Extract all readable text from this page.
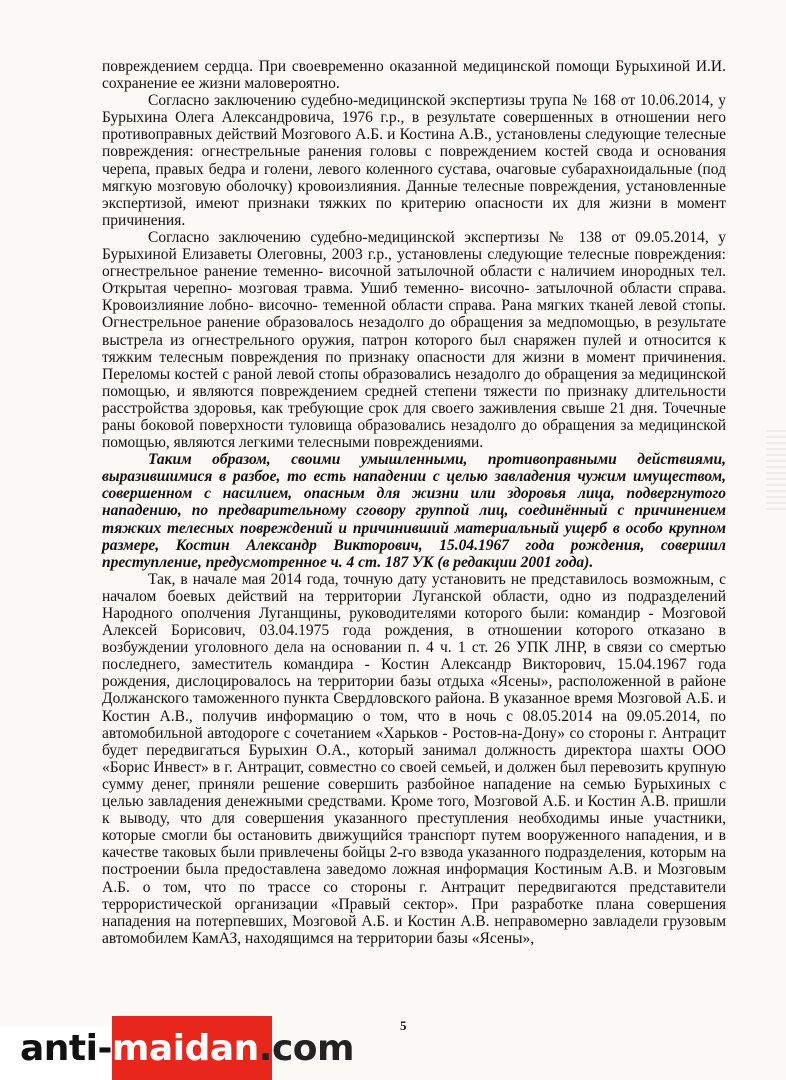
повреждением сердца. При своевременно оказанной медицинской помощи Бурыхиной И.И. сохранение ее жизни маловероятно.

Согласно заключению судебно-медицинской экспертизы трупа № 168 от 10.06.2014, у Бурыхина Олега Александровича, 1976 г.р., в результате совершенных в отношении него противоправных действий Мозгового А.Б. и Костина А.В., установлены следующие телесные повреждения: огнестрельные ранения головы с повреждением костей свода и основания черепа, правых бедра и голени, левого коленного сустава, очаговые субарахноидальные (под мягкую мозговую оболочку) кровоизлияния. Данные телесные повреждения, установленные экспертизой, имеют признаки тяжких по критерию опасности их для жизни в момент причинения.

Согласно заключению судебно-медицинской экспертизы № 138 от 09.05.2014, у Бурыхиной Елизаветы Олеговны, 2003 г.р., установлены следующие телесные повреждения: огнестрельное ранение теменно- височной затылочной области с наличием инородных тел. Открытая черепно- мозговая травма. Ушиб теменно- височно- затылочной области справа. Кровоизлияние лобно- височно- теменной области справа. Рана мягких тканей левой стопы. Огнестрельное ранение образовалось незадолго до обращения за медпомощью, в результате выстрела из огнестрельного оружия, патрон которого был снаряжен пулей и относится к тяжким телесным повреждения по признаку опасности для жизни в момент причинения. Переломы костей с раной левой стопы образовались незадолго до обращения за медицинской помощью, и являются повреждением средней степени тяжести по признаку длительности расстройства здоровья, как требующие срок для своего заживления свыше 21 дня. Точечные раны боковой поверхности туловища образовались незадолго до обращения за медицинской помощью, являются легкими телесными повреждениями.

Таким образом, своими умышленными, противоправными действиями, выразившимися в разбое, то есть нападении с целью завладения чужим имуществом, совершенном с насилием, опасным для жизни или здоровья лица, подвергнутого нападению, по предварительному сговору группой лиц, соединённый с причинением тяжких телесных повреждений и причинивший материальный ущерб в особо крупном размере, Костин Александр Викторович, 15.04.1967 года рождения, совершил преступление, предусмотренное ч. 4 ст. 187 УК (в редакции 2001 года).

Так, в начале мая 2014 года, точную дату установить не представилось возможным, с началом боевых действий на территории Луганской области, одно из подразделений Народного ополчения Луганщины, руководителями которого были: командир - Мозговой Алексей Борисович, 03.04.1975 года рождения, в отношении которого отказано в возбуждении уголовного дела на основании п. 4 ч. 1 ст. 26 УПК ЛНР, в связи со смертью последнего, заместитель командира - Костин Александр Викторович, 15.04.1967 года рождения, дислоцировалось на территории базы отдыха «Ясены», расположенной в районе Должанского таможенного пункта Свердловского района. В указанное время Мозговой А.Б. и Костин А.В., получив информацию о том, что в ночь с 08.05.2014 на 09.05.2014, по автомобильной автодороге с сочетанием «Харьков - Ростов-на-Дону» со стороны г. Антрацит будет передвигаться Бурыхин О.А., который занимал должность директора шахты ООО «Борис Инвест» в г. Антрацит, совместно со своей семьей, и должен был перевозить крупную сумму денег, приняли решение совершить разбойное нападение на семью Бурыхиных с целью завладения денежными средствами. Кроме того, Мозговой А.Б. и Костин А.В. пришли к выводу, что для совершения указанного преступления необходимы иные участники, которые смогли бы остановить движущийся транспорт путем вооруженного нападения, и в качестве таковых были привлечены бойцы 2-го взвода указанного подразделения, которым на построении была предоставлена заведомо ложная информация Костиным А.В. и Мозговым А.Б. о том, что по трассе со стороны г. Антрацит передвигаются представители террористической организации «Правый сектор». При разработке плана совершения нападения на потерпевших, Мозговой А.Б. и Костин А.В. неправомерно завладели грузовым автомобилем КамАЗ, находящимся на территории базы «Ясены»,

5
anti-maidan.com
